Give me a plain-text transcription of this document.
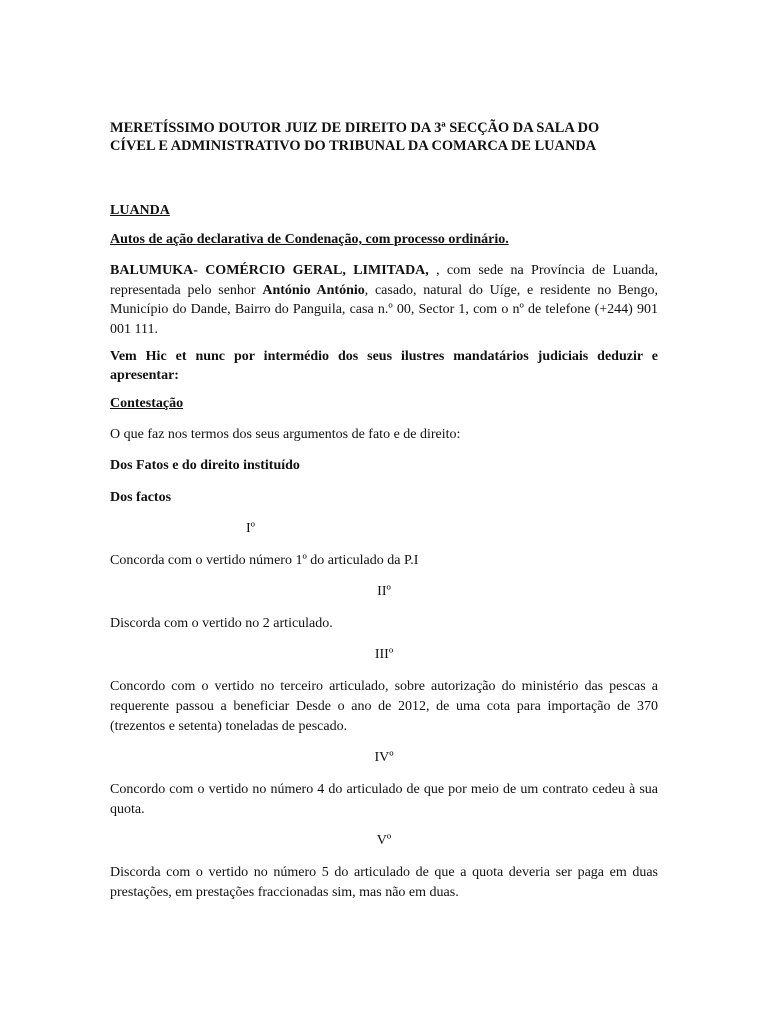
MERETÍSSIMO DOUTOR JUIZ DE DIREITO DA 3ª SECÇÃO DA SALA DO
CÍVEL E ADMINISTRATIVO DO TRIBUNAL DA COMARCA DE LUANDA

LUANDA

Autos de ação declarativa de Condenação, com processo ordinário.

BALUMUKA- COMÉRCIO GERAL, LIMITADA, , com sede na Província de Luanda, representada pelo senhor António António, casado, natural do Uíge, e residente no Bengo, Município do Dande, Bairro do Panguila, casa n.º 00, Sector 1, com o nº de telefone (+244) 901 001 111.

Vem Hic et nunc por intermédio dos seus ilustres mandatários judiciais deduzir e apresentar:

Contestação

O que faz nos termos dos seus argumentos de fato e de direito:

Dos Fatos e do direito instituído

Dos factos

Iº

Concorda com o vertido número 1º do articulado da P.I

IIº

Discorda com o vertido no 2 articulado.

IIIº

Concordo com o vertido no terceiro articulado, sobre autorização do ministério das pescas a requerente passou a beneficiar Desde o ano de 2012, de uma cota para importação de 370 (trezentos e setenta) toneladas de pescado.

IVº

Concordo com o vertido no número 4 do articulado de que por meio de um contrato cedeu à sua quota.

Vº

Discorda com o vertido no número 5 do articulado de que a quota deveria ser paga em duas prestações, em prestações fraccionadas sim, mas não em duas.
